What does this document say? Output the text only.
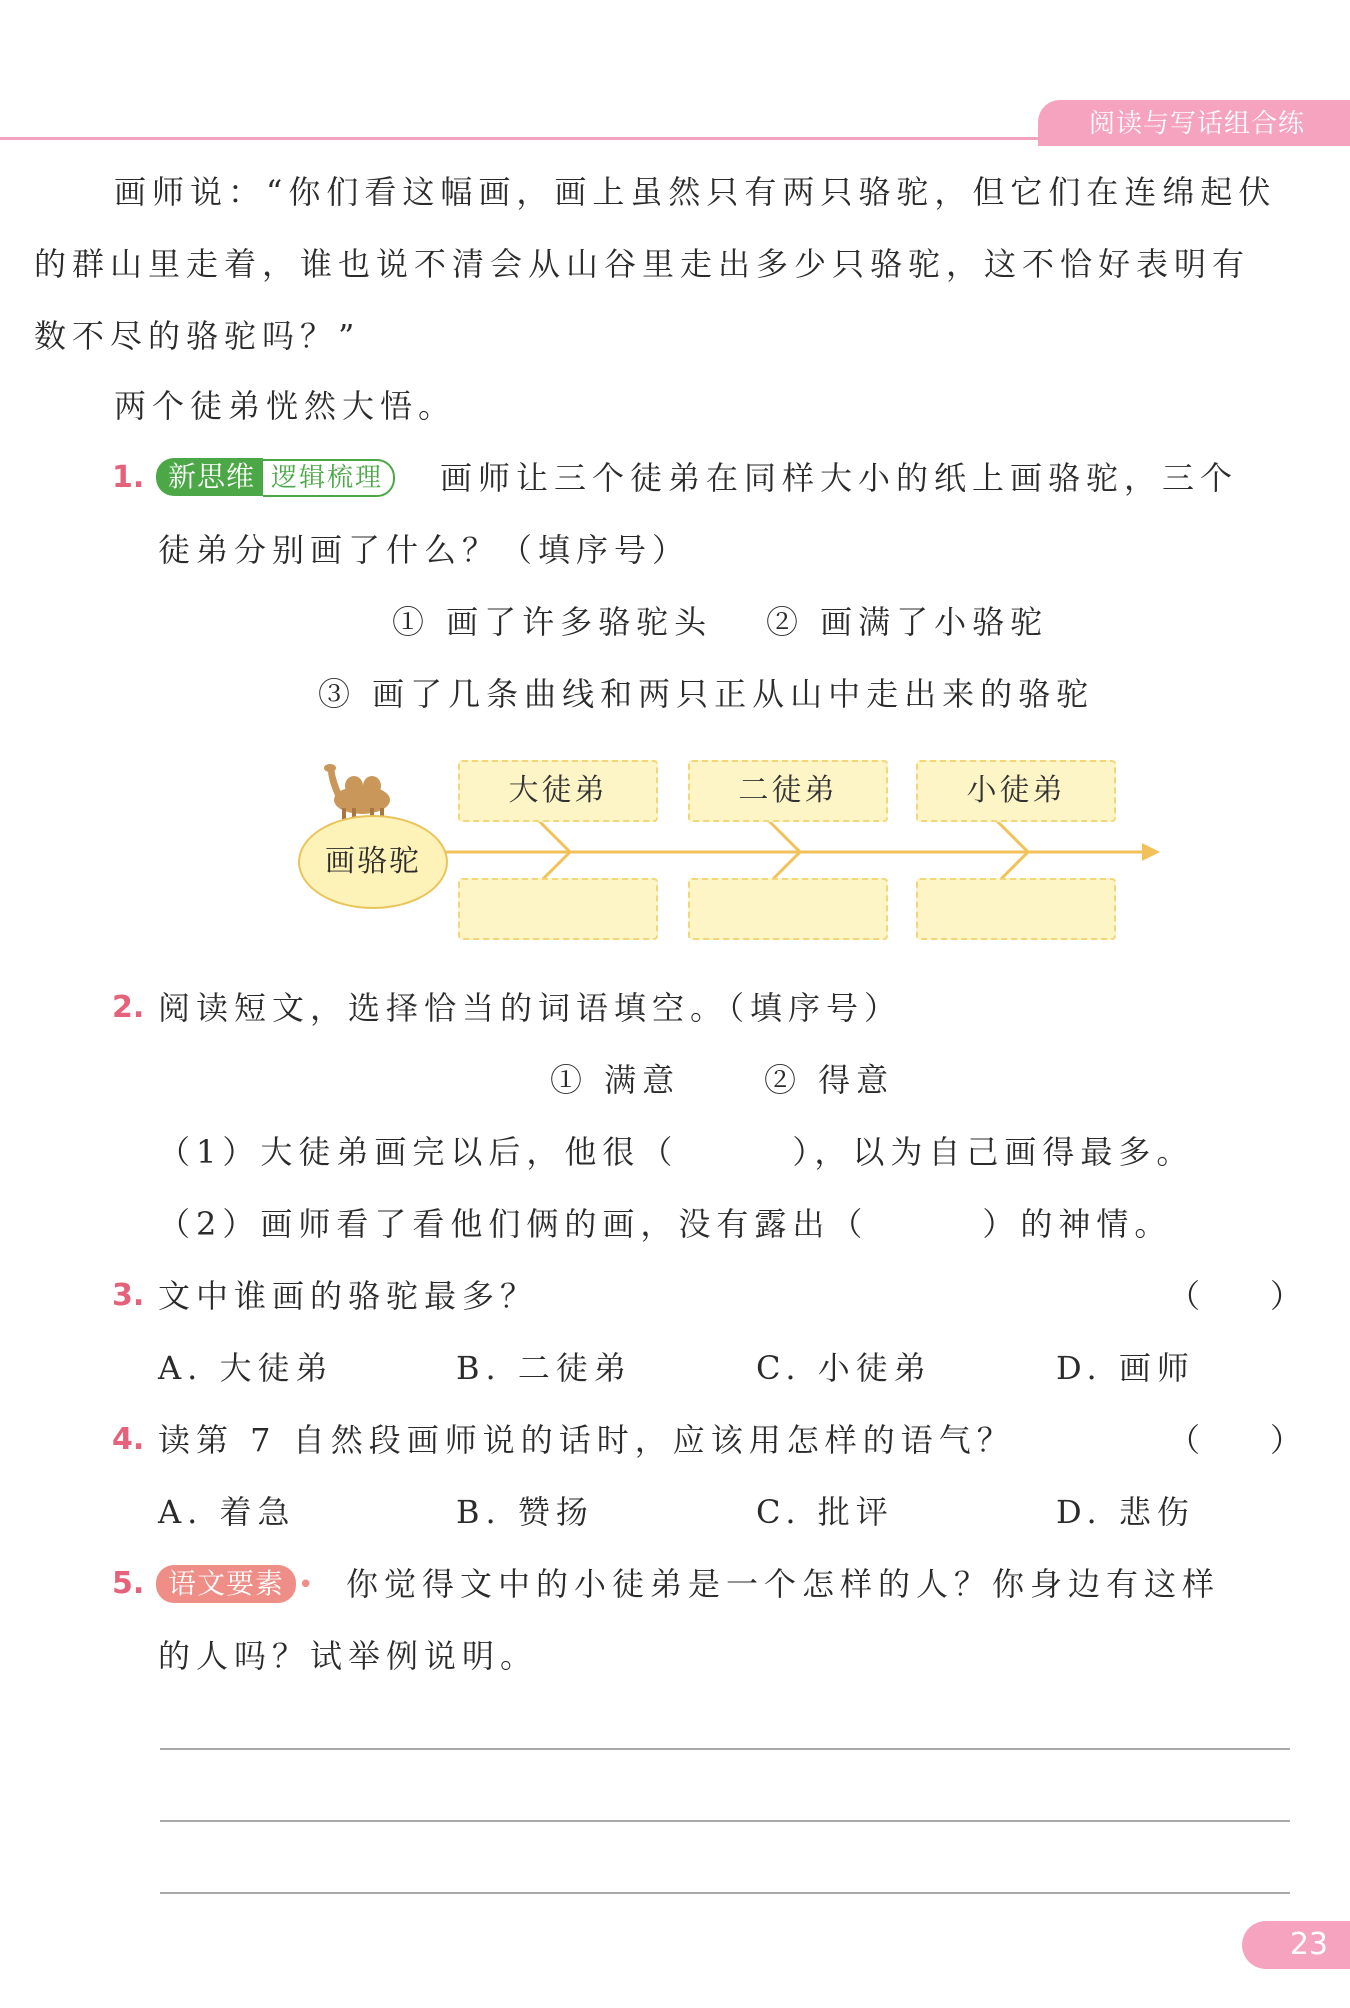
阅读与写话组合练
画师说：“你们看这幅画，画上虽然只有两只骆驼，但它们在连绵起伏
的群山里走着，谁也说不清会从山谷里走出多少只骆驼，这不恰好表明有
数不尽的骆驼吗？”
两个徒弟恍然大悟。
1. 新思维 逻辑梳理	画师让三个徒弟在同样大小的纸上画骆驼，三个
徒弟分别画了什么？（填序号）
① 画了许多骆驼头 ② 画满了小骆驼
③ 画了几条曲线和两只正从山中走出来的骆驼
画骆驼
大徒弟	二徒弟	小徒弟
2. 阅读短文，选择恰当的词语填空。（填序号）
① 满意	② 得意
（1）大徒弟画完以后，他很（　　　），以为自己画得最多。
（2）画师看了看他们俩的画，没有露出（　　　）的神情。
3. 文中谁画的骆驼最多？	（　　）
A. 大徒弟	B. 二徒弟	C. 小徒弟	D. 画师
4. 读第 7 自然段画师说的话时，应该用怎样的语气？	（　　）
A. 着急	B. 赞扬	C. 批评	D. 悲伤
5. 语文要素 • 你觉得文中的小徒弟是一个怎样的人？你身边有这样
的人吗？试举例说明。
23
